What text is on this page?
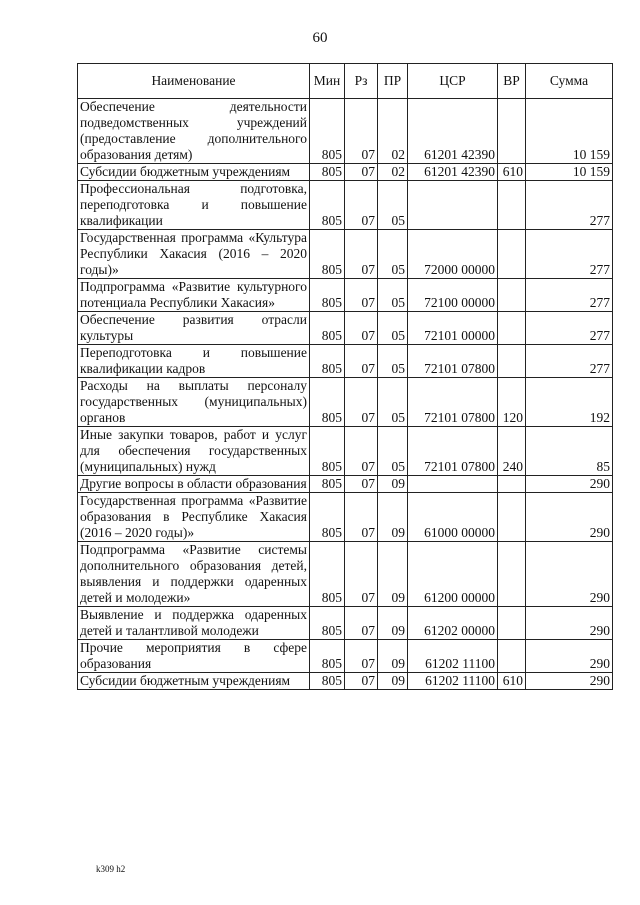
60
Наименование	Мин	Рз	ПР	ЦСР	ВР	Сумма
Обеспечение деятельности подведомственных учреждений (предоставление дополнительного образования детям)	805	07	02	61201 42390		10 159
Субсидии бюджетным учреждениям	805	07	02	61201 42390	610	10 159
Профессиональная подготовка, переподготовка и повышение квалификации	805	07	05			277
Государственная программа «Культура Республики Хакасия (2016 – 2020 годы)»	805	07	05	72000 00000		277
Подпрограмма «Развитие культурного потенциала Республики Хакасия»	805	07	05	72100 00000		277
Обеспечение развития отрасли культуры	805	07	05	72101 00000		277
Переподготовка и повышение квалификации кадров	805	07	05	72101 07800		277
Расходы на выплаты персоналу государственных (муниципальных) органов	805	07	05	72101 07800	120	192
Иные закупки товаров, работ и услуг для обеспечения государственных (муниципальных) нужд	805	07	05	72101 07800	240	85
Другие вопросы в области образования	805	07	09			290
Государственная программа «Развитие образования в Республике Хакасия (2016 – 2020 годы)»	805	07	09	61000 00000		290
Подпрограмма «Развитие системы дополнительного образования детей, выявления и поддержки одаренных детей и молодежи»	805	07	09	61200 00000		290
Выявление и поддержка одаренных детей и талантливой молодежи	805	07	09	61202 00000		290
Прочие мероприятия в сфере образования	805	07	09	61202 11100		290
Субсидии бюджетным учреждениям	805	07	09	61202 11100	610	290
k309 h2
